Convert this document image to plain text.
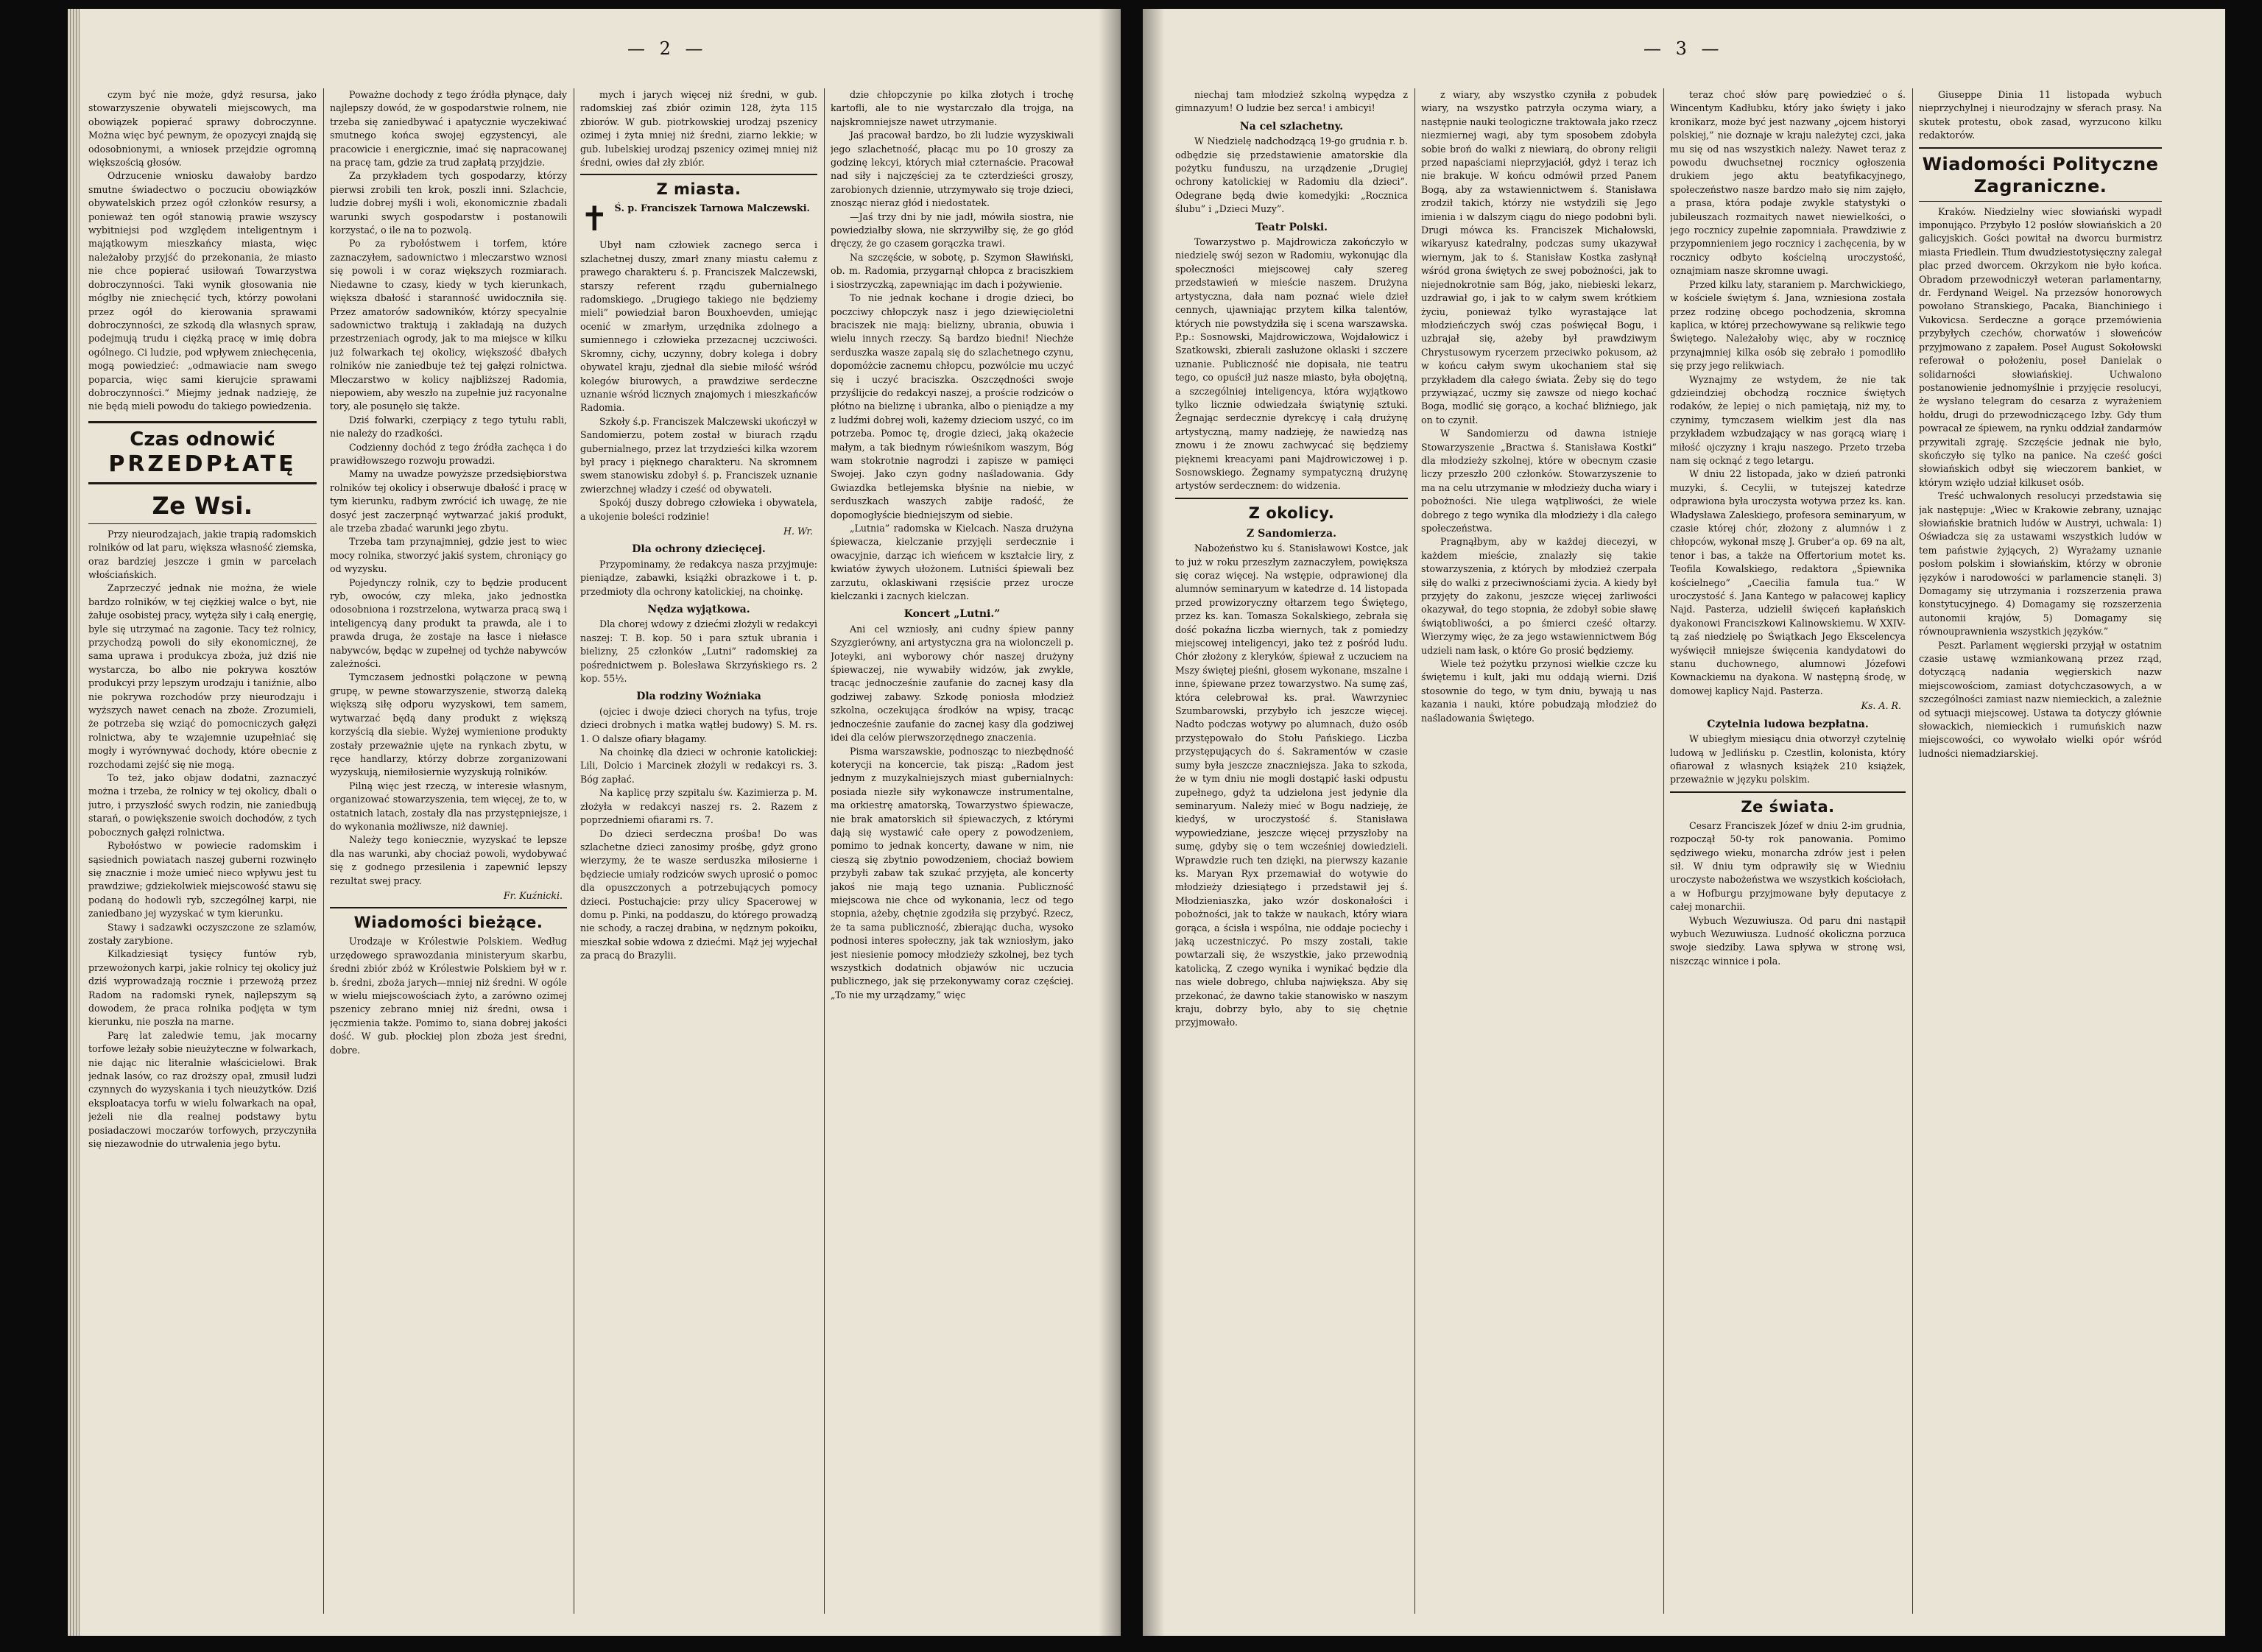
— 2 —

czym być nie może, gdyż resursa, jako stowarzyszenie obywateli miejscowych, ma obowiązek popierać sprawy dobroczynne. Można więc być pewnym, że opozycyi znajdą się odosobnionymi, a wniosek przejdzie ogromną większością głosów.

Odrzucenie wniosku dawałoby bardzo smutne świadectwo o poczuciu obowiązków obywatelskich przez ogół członków resursy, a ponieważ ten ogół stanowią prawie wszyscy wybitniejsi pod względem inteligentnym i majątkowym mieszkańcy miasta, więc należałoby przyjść do przekonania, że miasto nie chce popierać usiłowań Towarzystwa dobroczynności. Taki wynik głosowania nie mógłby nie zniechęcić tych, którzy powołani przez ogół do kierowania sprawami dobroczynności, ze szkodą dla własnych spraw, podejmują trudu i ciężką pracę w imię dobra ogólnego. Ci ludzie, pod wpływem zniechęcenia, mogą powiedzieć: „odmawiacie nam swego poparcia, więc sami kierujcie sprawami dobroczynności.” Miejmy jednak nadzieję, że nie będą mieli powodu do takiego powiedzenia.

Czas odnowić
PRZEDPŁATĘ
Ze Wsi.

Przy nieurodzajach, jakie trapią radomskich rolników od lat paru, większa własność ziemska, oraz bardziej jeszcze i gmin w parcelach włościańskich.

Zaprzeczyć jednak nie można, że wiele bardzo rolników, w tej ciężkiej walce o byt, nie żałuje osobistej pracy, wytęża siły i całą energię, byle się utrzymać na zagonie. Tacy też rolnicy, przychodzą powoli do siły ekonomicznej, że sama uprawa i produkcya zboża, już dziś nie wystarcza, bo albo nie pokrywa kosztów produkcyi przy lepszym urodzaju i taniźnie, albo nie pokrywa rozchodów przy nieurodzaju i wyższych nawet cenach na zboże. Zrozumieli, że potrzeba się wziąć do pomocniczych gałęzi rolnictwa, aby te wzajemnie uzupełniać się mogły i wyrównywać dochody, które obecnie z rozchodami zejść się nie mogą.

To też, jako objaw dodatni, zaznaczyć można i trzeba, że rolnicy w tej okolicy, dbali o jutro, i przyszłość swych rodzin, nie zaniedbują starań, o powiększenie swoich dochodów, z tych pobocznych gałęzi rolnictwa.

Rybołóstwo w powiecie radomskim i sąsiednich powiatach naszej guberni rozwinęło się znacznie i może umieć nieco wpływu jest tu prawdziwe; gdziekolwiek miejscowość stawu się podaną do hodowli ryb, szczególnej karpi, nie zaniedbano jej wyzyskać w tym kierunku.

Stawy i sadzawki oczyszczone ze szlamów, zostały zarybione.

Kilkadziesiąt tysięcy funtów ryb, przewożonych karpi, jakie rolnicy tej okolicy już dziś wyprowadzają rocznie i przewożą przez Radom na radomski rynek, najlepszym są dowodem, że praca rolnika podjęta w tym kierunku, nie poszła na marne.

Parę lat zaledwie temu, jak mocarny torfowe leżały sobie nieużyteczne w folwarkach, nie dając nic literalnie właścicielowi. Brak jednak lasów, co raz droższy opał, zmusił ludzi czynnych do wyzyskania i tych nieużytków. Dziś eksploatacya torfu w wielu folwarkach na opał, jeżeli nie dla realnej podstawy bytu posiadaczowi moczarów torfowych, przyczyniła się niezawodnie do utrwalenia jego bytu.

Poważne dochody z tego źródła płynące, dały najlepszy dowód, że w gospodarstwie rolnem, nie trzeba się zaniedbywać i apatycznie wyczekiwać smutnego końca swojej egzystencyi, ale pracowicie i energicznie, imać się napracowanej na pracę tam, gdzie za trud zapłatą przyjdzie.

Za przykładem tych gospodarzy, którzy pierwsi zrobili ten krok, poszli inni. Szlachcie, ludzie dobrej myśli i woli, ekonomicznie zbadali warunki swych gospodarstw i postanowili korzystać, o ile na to pozwolą.

Po za rybołóstwem i torfem, które zaznaczyłem, sadownictwo i mleczarstwo wznosi się powoli i w coraz większych rozmiarach. Niedawne to czasy, kiedy w tych kierunkach, większa dbałość i staranność uwidoczniła się. Przez amatorów sadowników, którzy specyalnie sadownictwo traktują i zakładają na dużych przestrzeniach ogrody, jak to ma miejsce w kilku już folwarkach tej okolicy, większość dbałych rolników nie zaniedbuje też tej gałęzi rolnictwa. Mleczarstwo w kolicy najbliższej Radomia, niepowiem, aby weszło na zupełnie już racyonalne tory, ale posunęło się także.

Dziś folwarki, czerpiący z tego tytułu rabli, nie należy do rzadkości.

Codzienny dochód z tego źródła zachęca i do prawidłowszego rozwoju prowadzi.

Mamy na uwadze powyższe przedsiębiorstwa rolników tej okolicy i obserwuje dbałość i pracę w tym kierunku, radbym zwrócić ich uwagę, że nie dosyć jest zaczerpnąć wytwarzać jakiś produkt, ale trzeba zbadać warunki jego zbytu.

Trzeba tam przynajmniej, gdzie jest to wiec mocy rolnika, stworzyć jakiś system, chroniący go od wyzysku.

Pojedynczy rolnik, czy to będzie producent ryb, owoców, czy mleka, jako jednostka odosobniona i rozstrzelona, wytwarza pracą swą i inteligencyą dany produkt ta prawda, ale i to prawda druga, że zostaje na łasce i niełasce nabywców, będąc w zupełnej od tychże nabywców zależności.

Tymczasem jednostki połączone w pewną grupę, w pewne stowarzyszenie, stworzą daleką większą siłę odporu wyzyskowi, tem samem, wytwarzać będą dany produkt z większą korzyścią dla siebie. Wyżej wymienione produkty zostały przeważnie ujęte na rynkach zbytu, w ręce handlarzy, którzy dobrze zorganizowani wyzyskują, niemiłosiernie wyzyskują rolników.

Pilną więc jest rzeczą, w interesie własnym, organizować stowarzyszenia, tem więcej, że to, w ostatnich latach, zostały dla nas przystępniejsze, i do wykonania możliwsze, niż dawniej.

Należy tego koniecznie, wyzyskać te lepsze dla nas warunki, aby chociaż powoli, wydobywać się z godnego przesilenia i zapewnić lepszy rezultat swej pracy.

Fr. Kuźnicki.
Wiadomości bieżące.

Urodzaje w Królestwie Polskiem. Według urzędowego sprawozdania ministeryum skarbu, średni zbiór zbóż w Królestwie Polskiem był w r. b. średni, zboża jarych—mniej niż średni. W ogóle w wielu miejscowościach żyto, a zarówno ozimej pszenicy zebrano mniej niż średni, owsa i jęczmienia także. Pomimo to, siana dobrej jakości dość. W gub. płockiej plon zboża jest średni, dobre.

mych i jarych więcej niż średni, w gub. radomskiej zaś zbiór ozimin 128, żyta 115 zbiorów. W gub. piotrkowskiej urodzaj pszenicy ozimej i żyta mniej niż średni, ziarno lekkie; w gub. lubelskiej urodzaj pszenicy ozimej mniej niż średni, owies dał zły zbiór.

Z miasta.
✝ Ś. p. Franciszek Tarnowa Malczewski.

Ubył nam człowiek zacnego serca i szlachetnej duszy, zmarł znany miastu całemu z prawego charakteru ś. p. Franciszek Malczewski, starszy referent rządu gubernialnego radomskiego. „Drugiego takiego nie będziemy mieli” powiedział baron Bouxhoevden, umiejąc ocenić w zmarłym, urzędnika zdolnego a sumiennego i człowieka przezacnej uczciwości. Skromny, cichy, uczynny, dobry kolega i dobry obywatel kraju, zjednał dla siebie miłość wśród kolegów biurowych, a prawdziwe serdeczne uznanie wśród licznych znajomych i mieszkańców Radomia.

Szkoły ś.p. Franciszek Malczewski ukończył w Sandomierzu, potem został w biurach rządu gubernialnego, przez lat trzydzieści kilka wzorem był pracy i pięknego charakteru. Na skromnem swem stanowisku zdobył ś. p. Franciszek uznanie zwierzchnej władzy i cześć od obywateli.

Spokój duszy dobrego człowieka i obywatela, a ukojenie boleści rodzinie!

H. Wr.
Dla ochrony dziecięcej.

Przypominamy, że redakcya nasza przyjmuje: pieniądze, zabawki, książki obrazkowe i t. p. przedmioty dla ochrony katolickiej, na choinkę.

Nędza wyjątkowa.

Dla chorej wdowy z dziećmi złożyli w redakcyi naszej: T. B. kop. 50 i para sztuk ubrania i bielizny, 25 członków „Lutni” radomskiej za pośrednictwem p. Bolesława Skrzyńskiego rs. 2 kop. 55½.

Dla rodziny Woźniaka

(ojciec i dwoje dzieci chorych na tyfus, troje dzieci drobnych i matka wątłej budowy) S. M. rs. 1. O dalsze ofiary błagamy.

Na choinkę dla dzieci w ochronie katolickiej: Lili, Dolcio i Marcinek złożyli w redakcyi rs. 3. Bóg zapłać.

Na kaplicę przy szpitalu św. Kazimierza p. M. złożyła w redakcyi naszej rs. 2. Razem z poprzedniemi ofiarami rs. 7.

Do dzieci serdeczna prośba! Do was szlachetne dzieci zanosimy prośbę, gdyż grono wierzymy, że te wasze serduszka miłosierne i będziecie umiały rodziców swych uprosić o pomoc dla opuszczonych a potrzebujących pomocy dzieci. Postuchajcie: przy ulicy Spacerowej w domu p. Pinki, na poddaszu, do którego prowadzą nie schody, a raczej drabina, w nędznym pokoiku, mieszkał sobie wdowa z dziećmi. Mąż jej wyjechał za pracą do Brazylii.

dzie chłopczynie po kilka złotych i trochę kartofli, ale to nie wystarczało dla trojga, na najskromniejsze nawet utrzymanie.

Jaś pracował bardzo, bo żli ludzie wyzyskiwali jego szlachetność, płacąc mu po 10 groszy za godzinę lekcyi, których miał czternaście. Pracował nad siły i najczęściej za te czterdzieści groszy, zarobionych dziennie, utrzymywało się troje dzieci, znosząc nieraz głód i niedostatek.

—Jaś trzy dni by nie jadł, mówiła siostra, nie powiedziałby słowa, nie skrzywiłby się, że go głód dręczy, że go czasem gorączka trawi.

Na szczęście, w sobotę, p. Szymon Sławiński, ob. m. Radomia, przygarnął chłopca z braciszkiem i siostrzyczką, zapewniając im dach i pożywienie.

To nie jednak kochane i drogie dzieci, bo poczciwy chłopczyk nasz i jego dziewięcioletni braciszek nie mają: bielizny, ubrania, obuwia i wielu innych rzeczy. Są bardzo biedni! Niechże serduszka wasze zapalą się do szlachetnego czynu, dopomóżcie zacnemu chłopcu, pozwólcie mu uczyć się i uczyć braciszka. Oszczędności swoje przyślijcie do redakcyi naszej, a proście rodziców o płótno na bieliznę i ubranka, albo o pieniądze a my z ludźmi dobrej woli, każemy dzieciom uszyć, co im potrzeba. Pomoc tę, drogie dzieci, jaką okażecie małym, a tak biednym rówieśnikom waszym, Bóg wam stokrotnie nagrodzi i zapisze w pamięci Swojej. Jako czyn godny naśladowania. Gdy Gwiazdka betlejemska błyśnie na niebie, w serduszkach waszych zabije radość, że dopomogłyście biedniejszym od siebie.

„Lutnia” radomska w Kielcach. Nasza drużyna śpiewacza, kielczanie przyjęli serdecznie i owacyjnie, darząc ich wieńcem w kształcie liry, z kwiatów żywych ułożonem. Lutniści śpiewali bez zarzutu, oklaskiwani rzęsiście przez urocze kielczanki i zacnych kielczan.

Koncert „Lutni.”

Ani cel wzniosły, ani cudny śpiew panny Szyzgierówny, ani artystyczna gra na wiolonczeli p. Joteyki, ani wyborowy chór naszej drużyny śpiewaczej, nie wywabiły widzów, jak zwykle, tracąc jednocześnie zaufanie do zacnej kasy dla godziwej zabawy. Szkodę poniosła młodzież szkolna, oczekująca środków na wpisy, tracąc jednocześnie zaufanie do zacnej kasy dla godziwej idei dla celów pierwszorzędnego znaczenia.

Pisma warszawskie, podnosząc to niezbędność koterycji na koncercie, tak piszą: „Radom jest jednym z muzykalniejszych miast gubernialnych: posiada niezłe siły wykonawcze instrumentalne, ma orkiestrę amatorską, Towarzystwo śpiewacze, nie brak amatorskich sił śpiewaczych, z którymi dają się wystawić całe opery z powodzeniem, pomimo to jednak koncerty, dawane w nim, nie cieszą się zbytnio powodzeniem, chociaż bowiem przybyłi zabaw tak szukać przyjęta, ale koncerty jakoś nie mają tego uznania. Publiczność miejscowa nie chce od wykonania, lecz od tego stopnia, ażeby, chętnie zgodziła się przybyć. Rzecz, że ta sama publiczność, zbierając ducha, wysoko podnosi interes społeczny, jak tak wzniosłym, jako jest niesienie pomocy młodzieży szkolnej, bez tych wszystkich dodatnich objawów nic uczucia publicznego, jak się przekonywamy coraz częściej. „To nie my urządzamy,” więc

— 3 —

niechaj tam młodzież szkolną wypędza z gimnazyum! O ludzie bez serca! i ambicyi!

Na cel szlachetny.

W Niedzielę nadchodzącą 19-go grudnia r. b. odbędzie się przedstawienie amatorskie dla pożytku funduszu, na urządzenie „Drugiej ochrony katolickiej w Radomiu dla dzieci”. Odegrane będą dwie komedyjki: „Rocznica ślubu” i „Dzieci Muzy”.

Teatr Polski.

Towarzystwo p. Majdrowicza zakończyło w niedzielę swój sezon w Radomiu, wykonując dla społeczności miejscowej cały szereg przedstawień w mieście naszem. Drużyna artystyczna, dała nam poznać wiele dzieł cennych, ujawniając przytem kilka talentów, których nie powstydziła się i scena warszawska. P.p.: Sosnowski, Majdrowiczowa, Wojdałowicz i Szatkowski, zbierali zasłużone oklaski i szczere uznanie. Publiczność nie dopisała, nie teatru tego, co opuścił już nasze miasto, była obojętną, a szczególniej inteligencya, która wyjątkowo tylko licznie odwiedzała świątynię sztuki. Żegnając serdecznie dyrekcyę i całą drużynę artystyczną, mamy nadzieję, że nawiedzą nas znowu i że znowu zachwycać się będziemy pięknemi kreacyami pani Majdrowiczowej i p. Sosnowskiego. Żegnamy sympatyczną drużynę artystów serdecznem: do widzenia.

Z okolicy.
Z Sandomierza.

Nabożeństwo ku ś. Stanisławowi Kostce, jak to już w roku przeszłym zaznaczyłem, powiększa się coraz więcej. Na wstępie, odprawionej dla alumnów seminaryum w katedrze d. 14 listopada przed prowizoryczny ołtarzem tego Świętego, przez ks. kan. Tomasza Sokalskiego, zebrała się dość pokaźna liczba wiernych, tak z pomiedzy miejscowej inteligencyi, jako też z pośród ludu. Chór złożony z kleryków, śpiewał z uczuciem na Mszy świętej pieśni, głosem wykonane, mszalne i inne, śpiewane przez towarzystwo. Na sumę zaś, która celebrował ks. prał. Wawrzyniec Szumbarowski, przybyło ich jeszcze więcej. Nadto podczas wotywy po alumnach, dużo osób przystępowało do Stołu Pańskiego. Liczba przystępujących do ś. Sakramentów w czasie sumy była jeszcze znaczniejsza. Jaka to szkoda, że w tym dniu nie mogli dostąpić łaski odpustu zupełnego, gdyż ta udzielona jest jedynie dla seminaryum. Należy mieć w Bogu nadzieję, że kiedyś, w uroczystość ś. Stanisława wypowiedziane, jeszcze więcej przyszłoby na sumę, gdyby się o tem wcześniej dowiedzieli. Wprawdzie ruch ten dzięki, na pierwszy kazanie ks. Maryan Ryx przemawiał do wotywie do młodzieży dziesiątego i przedstawił jej ś. Młodzieniaszka, jako wzór doskonałości i pobożności, jak to także w naukach, który wiara gorąca, a ścisła i wspólna, nie oddaje pociechy i jaką uczestniczyć. Po mszy zostali, takie powtarzali się, że wszystkie, jako przewodnią katolicką, Z czego wynika i wynikać będzie dla nas wiele dobrego, chluba największa. Aby się przekonać, że dawno takie stanowisko w naszym kraju, dobrzy było, aby to się chętnie przyjmowało.

z wiary, aby wszystko czyniła z pobudek wiary, na wszystko patrzyła oczyma wiary, a następnie nauki teologiczne traktowała jako rzecz niezmiernej wagi, aby tym sposobem zdobyła sobie broń do walki z niewiarą, do obrony religii przed napaściami nieprzyjaciół, gdyż i teraz ich nie brakuje. W końcu odmówił przed Panem Bogą, aby za wstawiennictwem ś. Stanisława zrodził takich, którzy nie wstydzili się Jego imienia i w dalszym ciągu do niego podobni byli. Drugi mówca ks. Franciszek Michałowski, wikaryusz katedralny, podczas sumy ukazywał wiernym, jak to ś. Stanisław Kostka zasłynął wśród grona świętych ze swej pobożności, jak to niejednokrotnie sam Bóg, jako, niebieski lekarz, uzdrawiał go, i jak to w całym swem krótkiem życiu, ponieważ tylko wyrastające lat młodzieńczych swój czas poświęcał Bogu, i uzbrajał się, ażeby był prawdziwym Chrystusowym rycerzem przeciwko pokusom, aż w końcu całym swym ukochaniem stał się przykładem dla całego świata. Żeby się do tego przywiązać, uczmy się zawsze od niego kochać Boga, modlić się gorąco, a kochać bliźniego, jak on to czynił.

W Sandomierzu od dawna istnieje Stowarzyszenie „Bractwa ś. Stanisława Kostki” dla młodzieży szkolnej, które w obecnym czasie liczy przeszło 200 członków. Stowarzyszenie to ma na celu utrzymanie w młodzieży ducha wiary i pobożności. Nie ulega wątpliwości, że wiele dobrego z tego wynika dla młodzieży i dla całego społeczeństwa.

Pragnąłbym, aby w każdej diecezyi, w każdem mieście, znalazły się takie stowarzyszenia, z których by młodzież czerpała siłę do walki z przeciwnościami życia. A kiedy był przyjęty do zakonu, jeszcze więcej żarliwości okazywał, do tego stopnia, że zdobył sobie sławę świątobliwości, a po śmierci cześć ołtarzy. Wierzymy więc, że za jego wstawiennictwem Bóg udzieli nam łask, o które Go prosić będziemy.

Wiele też pożytku przynosi wielkie czcze ku świętemu i kult, jaki mu oddają wierni. Dziś stosownie do tego, w tym dniu, bywają u nas kazania i nauki, które pobudzają młodzież do naśladowania Świętego.

teraz choć słów parę powiedzieć o ś. Wincentym Kadłubku, który jako święty i jako kronikarz, może być jest nazwany „ojcem historyi polskiej,” nie doznaje w kraju należytej czci, jaka mu się od nas wszystkich należy. Nawet teraz z powodu dwuchsetnej rocznicy ogłoszenia drukiem jego aktu beatyfikacyjnego, społeczeństwo nasze bardzo mało się nim zajęło, a prasa, która podaje zwykle statystyki o jubileuszach rozmaitych nawet niewielkości, o jego rocznicy zupełnie zapomniała. Prawdziwie z przypomnieniem jego rocznicy i zachęcenia, by w rocznicy odbyto kościelną uroczystość, oznajmiam nasze skromne uwagi.

Przed kilku laty, staraniem p. Marchwickiego, w kościele świętym ś. Jana, wzniesiona została przez rodzinę obcego pochodzenia, skromna kaplica, w której przechowywane są relikwie tego Świętego. Należałoby więc, aby w rocznicę przynajmniej kilka osób się zebrało i pomodliło się przy jego relikwiach.

Wyznajmy ze wstydem, że nie tak gdzieindziej obchodzą rocznice świętych rodaków, że lepiej o nich pamiętają, niż my, to czynimy, tymczasem wielkim jest dla nas przykładem wzbudzający w nas gorącą wiarę i miłość ojczyzny i kraju naszego. Przeto trzeba nam się ocknąć z tego letargu.

W dniu 22 listopada, jako w dzień patronki muzyki, ś. Cecylii, w tutejszej katedrze odprawiona była uroczysta wotywa przez ks. kan. Władysława Zaleskiego, profesora seminaryum, w czasie której chór, złożony z alumnów i z chłopców, wykonał mszę J. Gruber'a op. 69 na alt, tenor i bas, a także na Offertorium motet ks. Teofila Kowalskiego, redaktora „Śpiewnika kościelnego” „Caecilia famula tua.” W uroczystość ś. Jana Kantego w pałacowej kaplicy Najd. Pasterza, udzielił święceń kapłańskich dyakonowi Franciszkowi Kalinowskiemu. W XXIV-tą zaś niedzielę po Świątkach Jego Ekscelencya wyświęcił mniejsze święcenia kandydatowi do stanu duchownego, alumnowi Józefowi Kownackiemu na dyakona. W następną środę, w domowej kaplicy Najd. Pasterza.

Ks. A. R.
Czytelnia ludowa bezpłatna.

W ubiegłym miesiącu dnia otworzył czytelnię ludową w Jedlińsku p. Czestlin, kolonista, który ofiarował z własnych książek 210 książek, przeważnie w języku polskim.

Ze świata.

Cesarz Franciszek Józef w dniu 2-im grudnia, rozpoczął 50-ty rok panowania. Pomimo sędziwego wieku, monarcha zdrów jest i pełen sił. W dniu tym odprawiły się w Wiedniu uroczyste nabożeństwa we wszystkich kościołach, a w Hofburgu przyjmowane były deputacye z całej monarchii.

Wybuch Wezuwiusza. Od paru dni nastąpił wybuch Wezuwiusza. Ludność okoliczna porzuca swoje siedziby. Lawa spływa w stronę wsi, niszcząc winnice i pola.

Giuseppe Dinia 11 listopada wybuch nieprzychylnej i nieurodzajny w sferach prasy. Na skutek protestu, obok zasad, wyrzucono kilku redaktorów.

Wiadomości Polityczne Zagraniczne.

Kraków. Niedzielny wiec słowiański wypadł imponująco. Przybyło 12 posłów słowiańskich a 20 galicyjskich. Gości powitał na dworcu burmistrz miasta Friedlein. Tłum dwudziestotysięczny zalegał plac przed dworcem. Okrzykom nie było końca. Obradom przewodniczył weteran parlamentarny, dr. Ferdynand Weigel. Na przezsów honorowych powołano Stranskiego, Pacaka, Bianchiniego i Vukovicsa. Serdeczne a gorące przemówienia przybyłych czechów, chorwatów i słoweńców przyjmowano z zapałem. Poseł August Sokołowski referował o położeniu, poseł Danielak o solidarności słowiańskiej. Uchwalono postanowienie jednomyślnie i przyjęcie resolucyi, że wysłano telegram do cesarza z wyrażeniem hołdu, drugi do przewodniczącego Izby. Gdy tłum powracał ze śpiewem, na rynku oddział żandarmów przywitali zgraję. Szczęście jednak nie było, skończyło się tylko na panice. Na cześć gości słowiańskich odbył się wieczorem bankiet, w którym wzięło udział kilkuset osób.

Treść uchwalonych resolucyi przedstawia się jak następuje: „Wiec w Krakowie zebrany, uznając słowiańskie bratnich ludów w Austryi, uchwala: 1) Oświadcza się za ustawami wszystkich ludów w tem państwie żyjących, 2) Wyrażamy uznanie posłom polskim i słowiańskim, którzy w obronie języków i narodowości w parlamencie stanęli. 3) Domagamy się utrzymania i rozszerzenia prawa konstytucyjnego. 4) Domagamy się rozszerzenia autonomii krajów, 5) Domagamy się równouprawnienia wszystkich języków.”

Peszt. Parlament węgierski przyjął w ostatnim czasie ustawę wzmiankowaną przez rząd, dotyczącą nadania węgierskich nazw miejscowościom, zamiast dotychczasowych, a w szczególności zamiast nazw niemieckich, a zależnie od sytuacji miejscowej. Ustawa ta dotyczy głównie słowackich, niemieckich i rumuńskich nazw miejscowości, co wywołało wielki opór wśród ludności niemadziarskiej.
